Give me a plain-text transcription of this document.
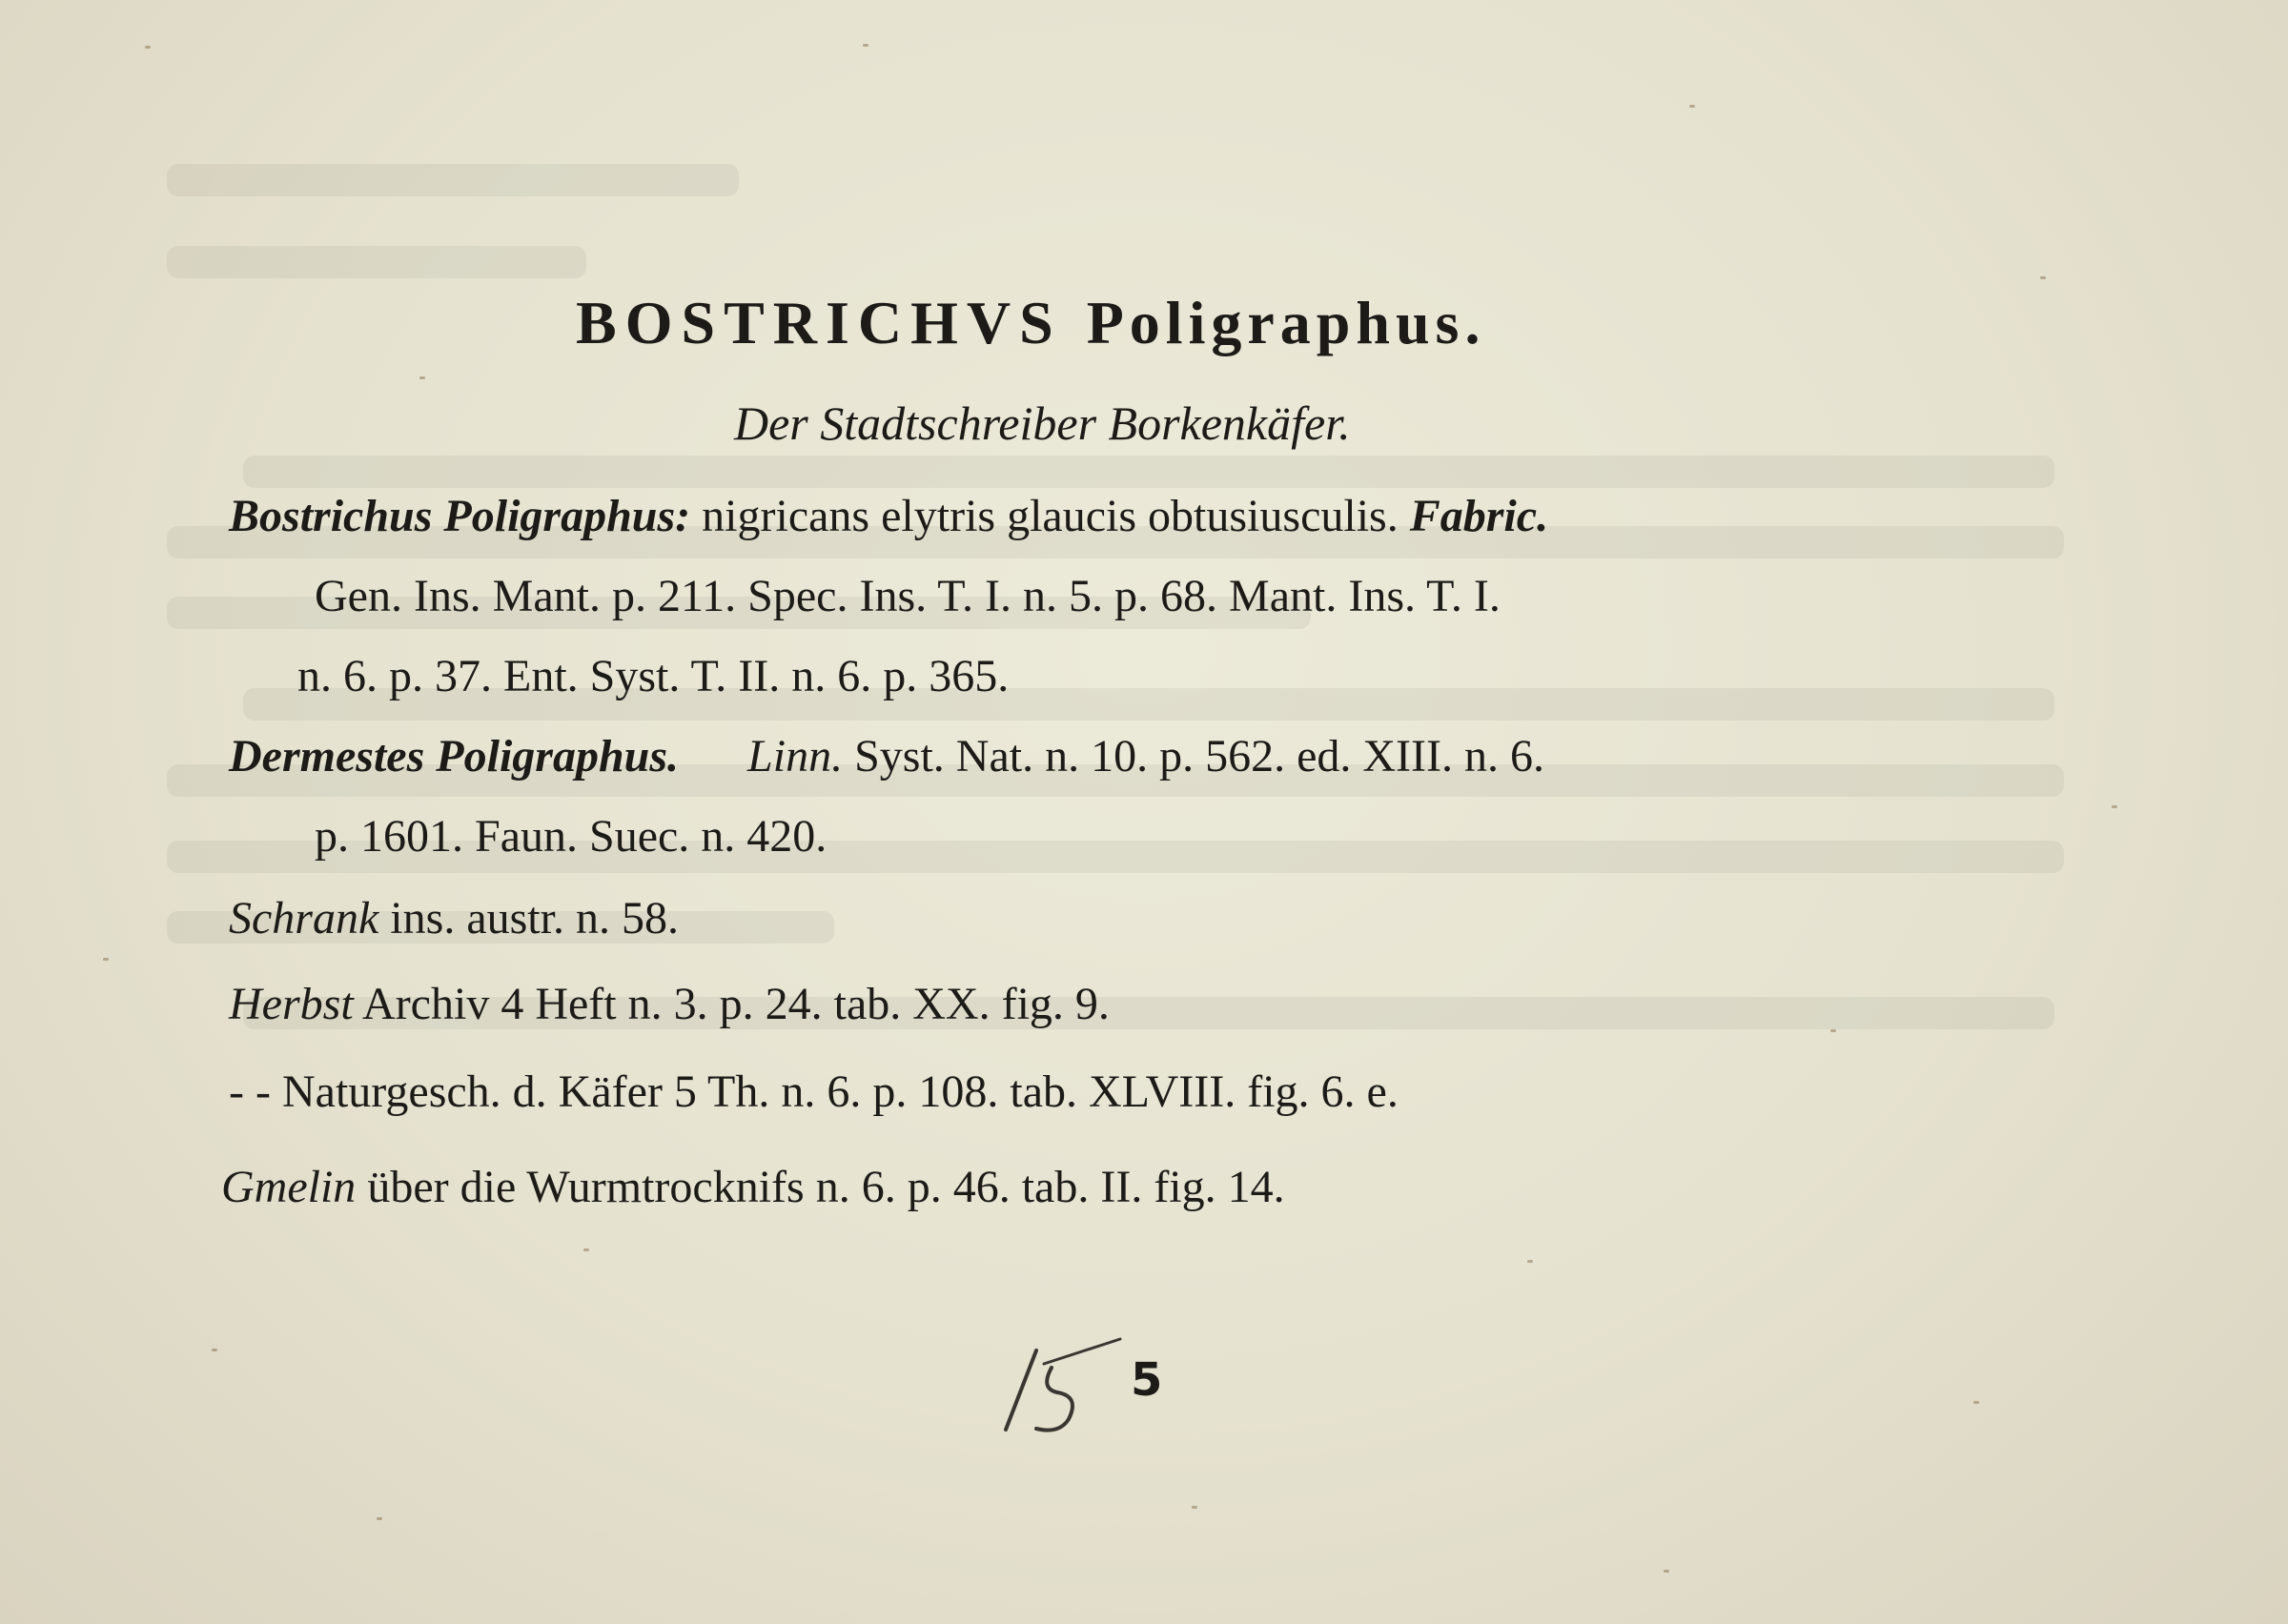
BOSTRICHVS Poligraphus.
Der Stadtschreiber Borkenkäfer.
Bostrichus Poligraphus: nigricans elytris glaucis obtusiusculis. Fabric.
Gen. Ins. Mant. p. 211. Spec. Ins. T. I. n. 5. p. 68. Mant. Ins. T. I.
n. 6. p. 37. Ent. Syst. T. II. n. 6. p. 365.
Dermestes Poligraphus. Linn. Syst. Nat. n. 10. p. 562. ed. XIII. n. 6.
p. 1601. Faun. Suec. n. 420.
Schrank ins. austr. n. 58.
Herbst Archiv 4 Heft n. 3. p. 24. tab. XX. fig. 9.
- - Naturgesch. d. Käfer 5 Th. n. 6. p. 108. tab. XLVIII. fig. 6. e.
Gmelin über die Wurmtrocknifs n. 6. p. 46. tab. II. fig. 14.
5
